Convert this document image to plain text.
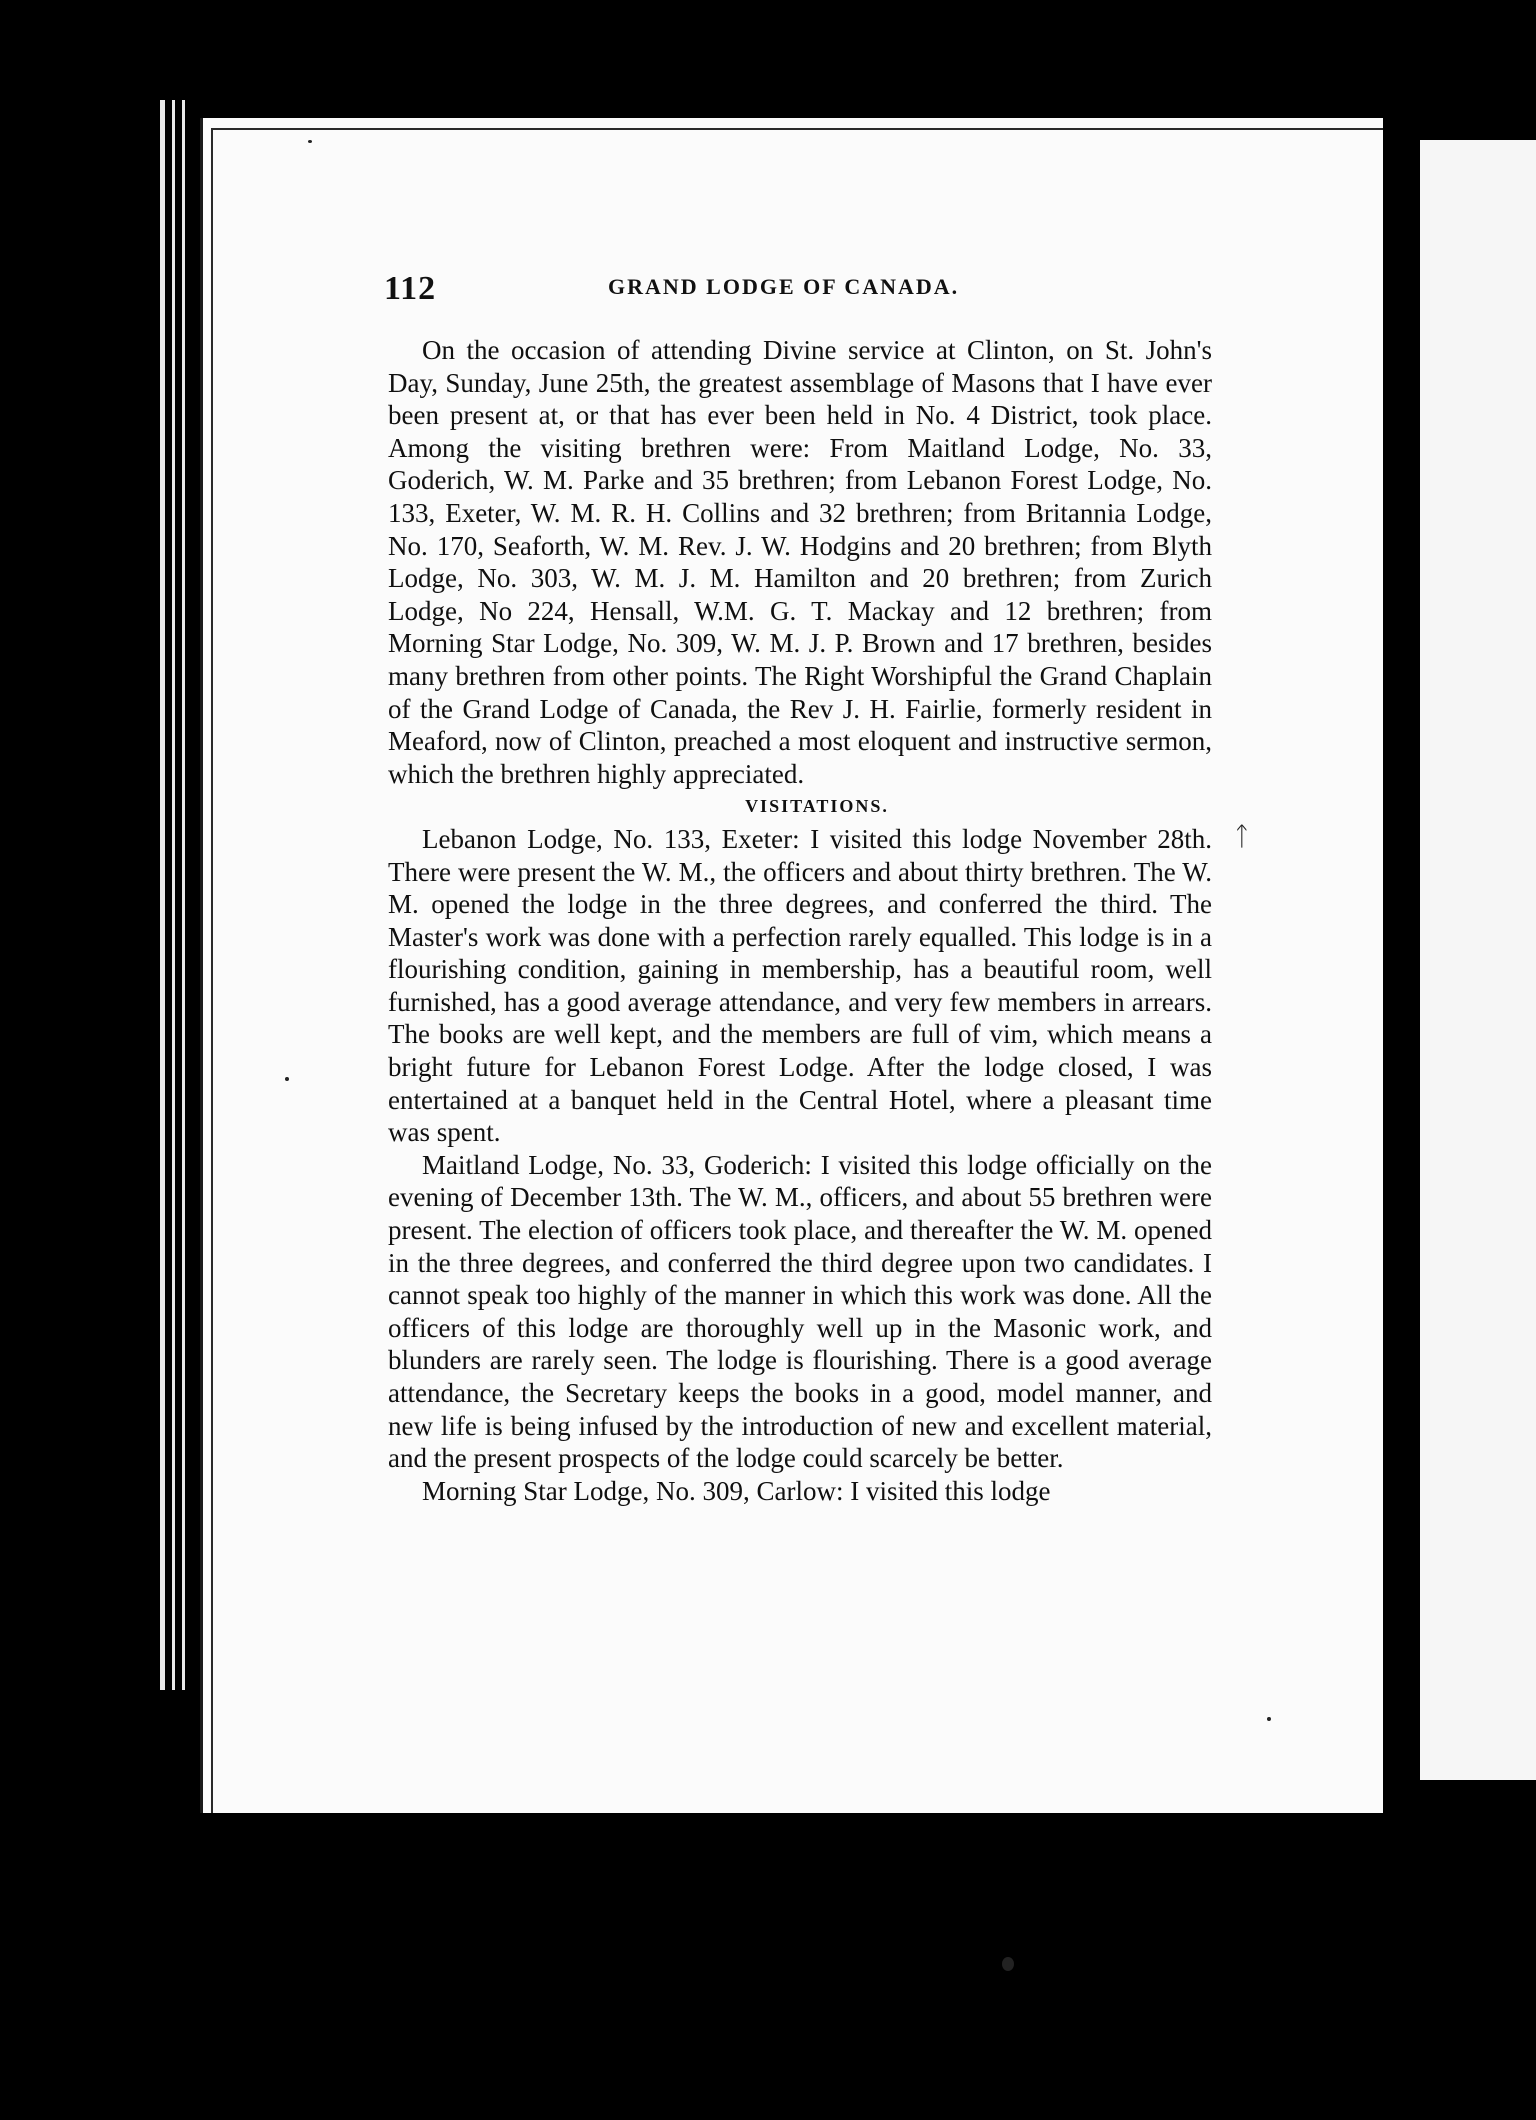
112	GRAND LODGE OF CANADA.

On the occasion of attending Divine service at Clinton, on St. John's Day, Sunday, June 25th, the greatest assemblage of Masons that I have ever been present at, or that has ever been held in No. 4 District, took place. Among the visiting brethren were: From Maitland Lodge, No. 33, Goderich, W. M. Parke and 35 brethren; from Lebanon Forest Lodge, No. 133, Exeter, W. M. R. H. Collins and 32 brethren; from Britannia Lodge, No. 170, Seaforth, W. M. Rev. J. W. Hodgins and 20 brethren; from Blyth Lodge, No. 303, W. M. J. M. Hamilton and 20 brethren; from Zurich Lodge, No 224, Hensall, W.M. G. T. Mackay and 12 brethren; from Morning Star Lodge, No. 309, W. M. J. P. Brown and 17 brethren, besides many brethren from other points. The Right Worshipful the Grand Chaplain of the Grand Lodge of Canada, the Rev J. H. Fairlie, formerly resident in Meaford, now of Clinton, preached a most eloquent and instructive sermon, which the brethren highly appreciated.

VISITATIONS.

Lebanon Lodge, No. 133, Exeter: I visited this lodge November 28th. There were present the W. M., the officers and about thirty brethren. The W. M. opened the lodge in the three degrees, and conferred the third. The Master's work was done with a perfection rarely equalled. This lodge is in a flourishing condition, gaining in membership, has a beautiful room, well furnished, has a good average attendance, and very few members in arrears. The books are well kept, and the members are full of vim, which means a bright future for Lebanon Forest Lodge. After the lodge closed, I was entertained at a banquet held in the Central Hotel, where a pleasant time was spent.

Maitland Lodge, No. 33, Goderich: I visited this lodge officially on the evening of December 13th. The W. M., officers, and about 55 brethren were present. The election of officers took place, and thereafter the W. M. opened in the three degrees, and conferred the third degree upon two candidates. I cannot speak too highly of the manner in which this work was done. All the officers of this lodge are thoroughly well up in the Masonic work, and blunders are rarely seen. The lodge is flourishing. There is a good average attendance, the Secretary keeps the books in a good, model manner, and new life is being infused by the introduction of new and excellent material, and the present prospects of the lodge could scarcely be better.

Morning Star Lodge, No. 309, Carlow: I visited this lodge

ᛏ
